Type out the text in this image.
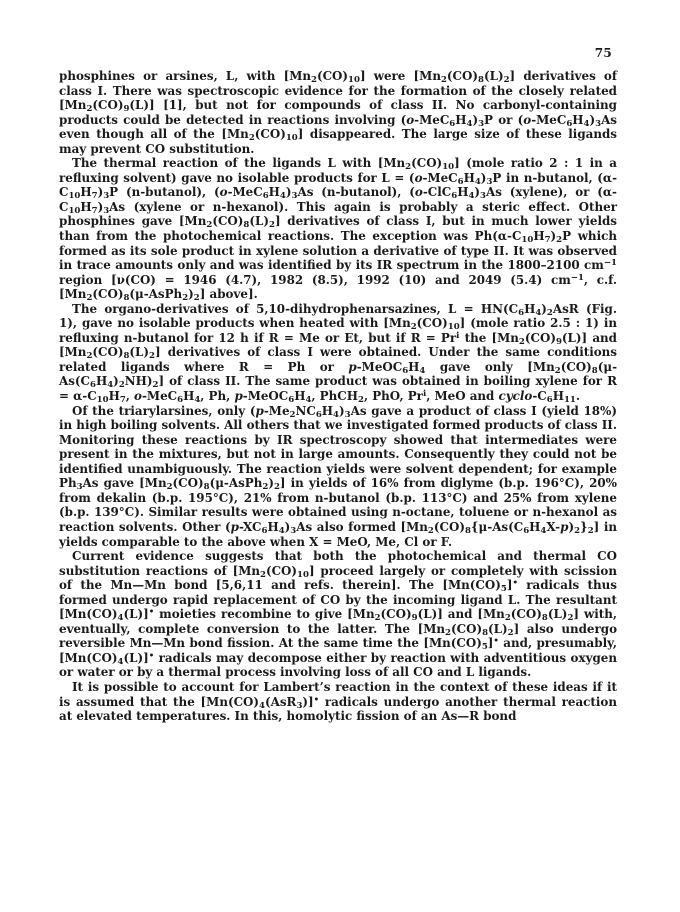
75

phosphines or arsines, L, with $[Mn_2(CO)_{10}]$ were $[Mn_2(CO)_8(L)_2]$ derivatives of class I. There was spectroscopic evidence for the formation of the closely related $[Mn_2(CO)_9(L)]$ [1], but not for compounds of class II. No carbonyl-containing products could be detected in reactions involving $(o-MeC_6H_4)_3P$ or $(o-MeC_6H_4)_3As$ even though all of the $[Mn_2(CO)_{10}]$ disappeared. The large size of these ligands may prevent CO substitution.

The thermal reaction of the ligands L with $[Mn_2(CO)_{10}]$ (mole ratio 2 : 1 in a refluxing solvent) gave no isolable products for $L = (o-MeC_6H_4)_3P$ in n-butanol, $(\alpha-C_{10}H_7)_3P$ (n-butanol), $(o-MeC_6H_4)_3As$ (n-butanol), $(o-ClC_6H_4)_3As$ (xylene), or $(\alpha-C_{10}H_7)_3As$ (xylene or n-hexanol). This again is probably a steric effect. Other phosphines gave $[Mn_2(CO)_8(L)_2]$ derivatives of class I, but in much lower yields than from the photochemical reactions. The exception was $Ph(\alpha-C_{10}H_7)_2P$ which formed as its sole product in xylene solution a derivative of type II. It was observed in trace amounts only and was identified by its IR spectrum in the 1800–2100 $cm^{-1}$ region [ν(CO) = 1946 (4.7), 1982 (8.5), 1992 (10) and 2049 (5.4) $cm^{-1}$, c.f. $[Mn_2(CO)_8(\mu-AsPh_2)_2]$ above].

The organo-derivatives of 5,10-dihydrophenarsazines, $L = HN(C_6H_4)_2AsR$ (Fig. 1), gave no isolable products when heated with $[Mn_2(CO)_{10}]$ (mole ratio 2.5 : 1) in refluxing n-butanol for 12 h if R = Me or Et, but if $R = Pr^i$ the $[Mn_2(CO)_9(L)]$ and $[Mn_2(CO)_8(L)_2]$ derivatives of class I were obtained. Under the same conditions related ligands where R = Ph or $p-MeOC_6H_4$ gave only $[Mn_2(CO)_8(\mu-As(C_6H_4)_2NH)_2]$ of class II. The same product was obtained in boiling xylene for $R = \alpha-C_{10}H_7$, $o-MeC_6H_4$, Ph, $p-MeOC_6H_4$, PhCH$_2$, PhO, Pr$^i$, MeO and cyclo-$C_6H_{11}$.

Of the triarylarsines, only $(p-Me_2NC_6H_4)_3As$ gave a product of class I (yield 18%) in high boiling solvents. All others that we investigated formed products of class II. Monitoring these reactions by IR spectroscopy showed that intermediates were present in the mixtures, but not in large amounts. Consequently they could not be identified unambiguously. The reaction yields were solvent dependent; for example $Ph_3As$ gave $[Mn_2(CO)_8(\mu-AsPh_2)_2]$ in yields of 16% from diglyme (b.p. 196°C), 20% from dekalin (b.p. 195°C), 21% from n-butanol (b.p. 113°C) and 25% from xylene (b.p. 139°C). Similar results were obtained using n-octane, toluene or n-hexanol as reaction solvents. Other $(p-XC_6H_4)_3As$ also formed $[Mn_2(CO)_8\{\mu-As(C_6H_4X-p)_2\}_2]$ in yields comparable to the above when X = MeO, Me, Cl or F.

Current evidence suggests that both the photochemical and thermal CO substitution reactions of $[Mn_2(CO)_{10}]$ proceed largely or completely with scission of the Mn—Mn bond [5,6,11 and refs. therein]. The $[Mn(CO)_5]^•$ radicals thus formed undergo rapid replacement of CO by the incoming ligand L. The resultant $[Mn(CO)_4(L)]^•$ moieties recombine to give $[Mn_2(CO)_9(L)]$ and $[Mn_2(CO)_8(L)_2]$ with, eventually, complete conversion to the latter. The $[Mn_2(CO)_8(L)_2]$ also undergo reversible Mn—Mn bond fission. At the same time the $[Mn(CO)_5]^•$ and, presumably, $[Mn(CO)_4(L)]^•$ radicals may decompose either by reaction with adventitious oxygen or water or by a thermal process involving loss of all CO and L ligands.

It is possible to account for Lambert’s reaction in the context of these ideas if it is assumed that the $[Mn(CO)_4(AsR_3)]^•$ radicals undergo another thermal reaction at elevated temperatures. In this, homolytic fission of an As—R bond
